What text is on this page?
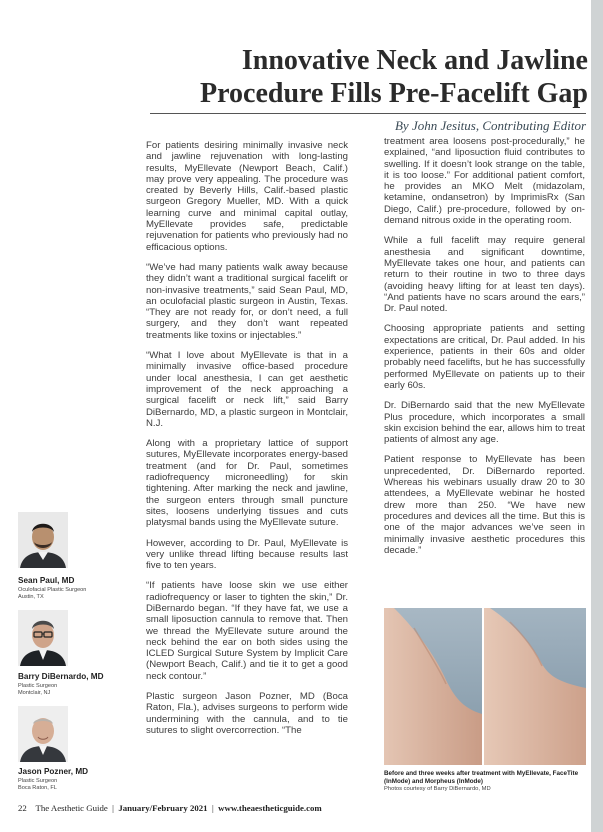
Innovative Neck and Jawline
Procedure Fills Pre-Facelift Gap
By John Jesitus, Contributing Editor

For patients desiring minimally invasive neck and jawline rejuvenation with long-lasting results, MyEllevate (Newport Beach, Calif.) may prove very appealing. The procedure was created by Beverly Hills, Calif.-based plastic surgeon Gregory Mueller, MD. With a quick learning curve and minimal capital outlay, MyEllevate provides safe, predictable rejuvenation for patients who previously had no efficacious options.

“We’ve had many patients walk away because they didn’t want a traditional surgical facelift or non-invasive treatments,” said Sean Paul, MD, an oculofacial plastic surgeon in Austin, Texas. “They are not ready for, or don’t need, a full surgery, and they don’t want repeated treatments like toxins or injectables.”

“What I love about MyEllevate is that in a minimally invasive office-based procedure under local anesthesia, I can get aesthetic improvement of the neck approaching a surgical facelift or neck lift,” said Barry DiBernardo, MD, a plastic surgeon in Montclair, N.J.

Along with a proprietary lattice of support sutures, MyEllevate incorporates energy-based treatment (and for Dr. Paul, sometimes radiofrequency microneedling) for skin tightening. After marking the neck and jawline, the surgeon enters through small puncture sites, loosens underlying tissues and cuts platysmal bands using the MyEllevate suture.

However, according to Dr. Paul, MyEllevate is very unlike thread lifting because results last five to ten years.

“If patients have loose skin we use either radiofrequency or laser to tighten the skin,” Dr. DiBernardo began. “If they have fat, we use a small liposuction cannula to remove that. Then we thread the MyEllevate suture around the neck behind the ear on both sides using the ICLED Surgical Suture System by Implicit Care (Newport Beach, Calif.) and tie it to get a good neck contour.”

Plastic surgeon Jason Pozner, MD (Boca Raton, Fla.), advises surgeons to perform wide undermining with the cannula, and to tie sutures to slight overcorrection. “The

treatment area loosens post-procedurally,” he explained, “and liposuction fluid contributes to swelling. If it doesn’t look strange on the table, it is too loose.” For additional patient comfort, he provides an MKO Melt (midazolam, ketamine, ondansetron) by ImprimisRx (San Diego, Calif.) pre-procedure, followed by on-demand nitrous oxide in the operating room.

While a full facelift may require general anesthesia and significant downtime, MyEllevate takes one hour, and patients can return to their routine in two to three days (avoiding heavy lifting for at least ten days). “And patients have no scars around the ears,” Dr. Paul noted.

Choosing appropriate patients and setting expectations are critical, Dr. Paul added. In his experience, patients in their 60s and older probably need facelifts, but he has successfully performed MyEllevate on patients up to their early 60s.

Dr. DiBernardo said that the new MyEllevate Plus procedure, which incorporates a small skin excision behind the ear, allows him to treat patients of almost any age.

Patient response to MyEllevate has been unprecedented, Dr. DiBernardo reported. Whereas his webinars usually draw 20 to 30 attendees, a MyEllevate webinar he hosted drew more than 250. “We have new procedures and devices all the time. But this is one of the major advances we’ve seen in minimally invasive aesthetic procedures this decade.”

Sean Paul, MD
Oculofacial Plastic Surgeon
Austin, TX
Barry DiBernardo, MD
Plastic Surgeon
Montclair, NJ
Jason Pozner, MD
Plastic Surgeon
Boca Raton, FL
Before and three weeks after treatment with MyEllevate, FaceTite (InMode) and Morpheus (InMode)
Photos courtesy of Barry DiBernardo, MD
22 The Aesthetic Guide  |  January/February 2021  |  www.theaestheticguide.com
